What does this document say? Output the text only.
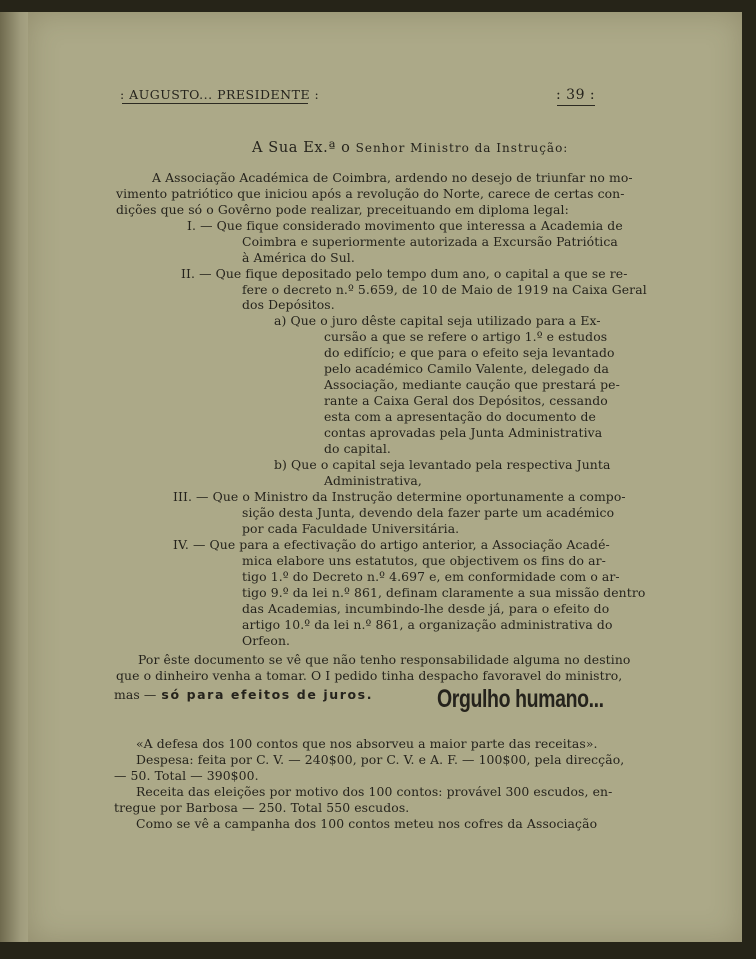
: AUGUSTO... PRESIDENTE :	: 39 :
A Sua Ex.ª o Senhor Ministro da Instrução:
A Associação Académica de Coimbra, ardendo no desejo de triunfar no mo-
vimento patriótico que iniciou após a revolução do Norte, carece de certas con-
dições que só o Govêrno pode realizar, preceituando em diploma legal:
I. — Que fique considerado movimento que interessa a Academia de
Coimbra e superiormente autorizada a Excursão Patriótica
à América do Sul.
II. — Que fique depositado pelo tempo dum ano, o capital a que se re-
fere o decreto n.º 5.659, de 10 de Maio de 1919 na Caixa Geral
dos Depósitos.
a) Que o juro dêste capital seja utilizado para a Ex-
cursão a que se refere o artigo 1.º e estudos
do edifício; e que para o efeito seja levantado
pelo académico Camilo Valente, delegado da
Associação, mediante caução que prestará pe-
rante a Caixa Geral dos Depósitos, cessando
esta com a apresentação do documento de
contas aprovadas pela Junta Administrativa
do capital.
b) Que o capital seja levantado pela respectiva Junta
Administrativa,
III. — Que o Ministro da Instrução determine oportunamente a compo-
sição desta Junta, devendo dela fazer parte um académico
por cada Faculdade Universitária.
IV. — Que para a efectivação do artigo anterior, a Associação Acadé-
mica elabore uns estatutos, que objectivem os fins do ar-
tigo 1.º do Decreto n.º 4.697 e, em conformidade com o ar-
tigo 9.º da lei n.º 861, definam claramente a sua missão dentro
das Academias, incumbindo-lhe desde já, para o efeito do
artigo 10.º da lei n.º 861, a organização administrativa do
Orfeon.
Por êste documento se vê que não tenho responsabilidade alguma no destino
que o dinheiro venha a tomar. O I pedido tinha despacho favoravel do ministro,
mas — só para efeitos de juros.	Orgulho humano...
«A defesa dos 100 contos que nos absorveu a maior parte das receitas».
Despesa: feita por C. V. — 240$00, por C. V. e A. F. — 100$00, pela direcção,
— 50. Total — 390$00.
Receita das eleições por motivo dos 100 contos: provável 300 escudos, en-
tregue por Barbosa — 250. Total 550 escudos.
Como se vê a campanha dos 100 contos meteu nos cofres da Associação
